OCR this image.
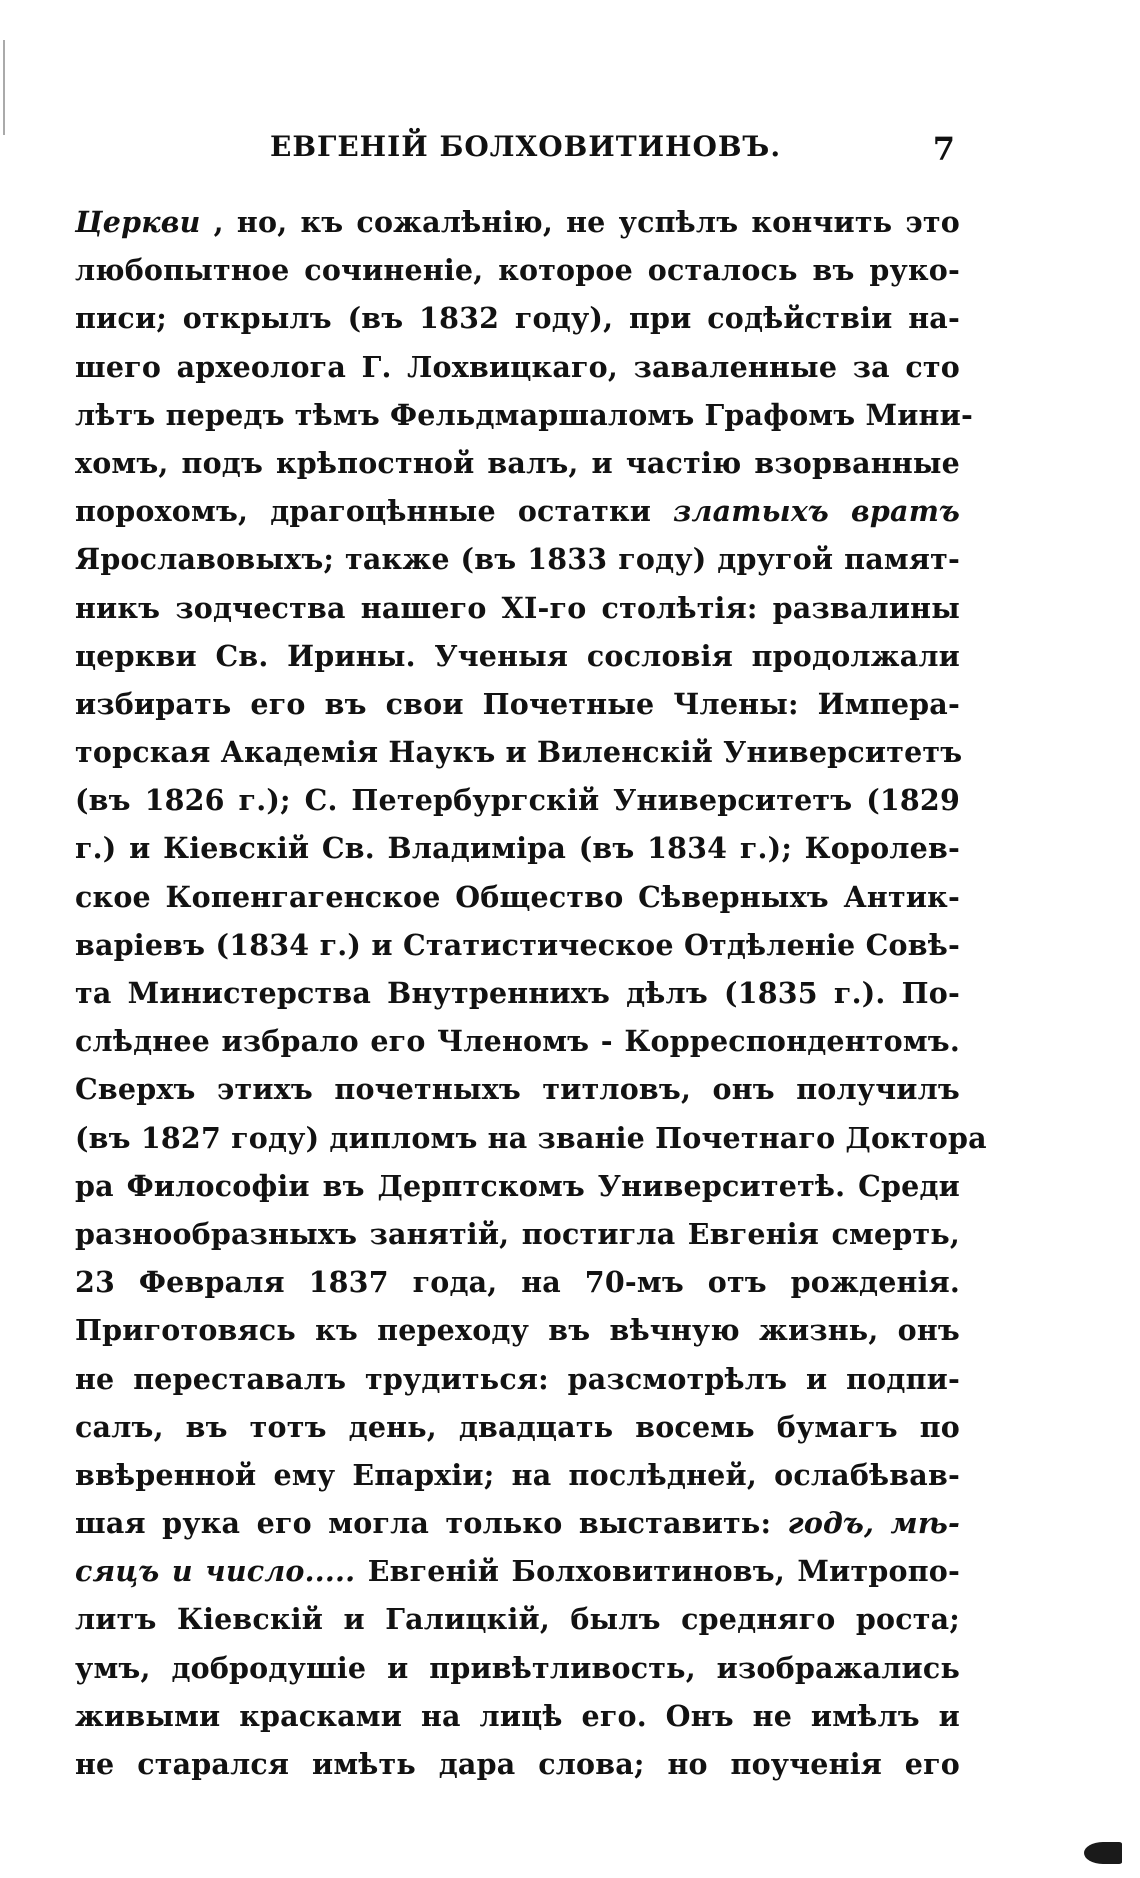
ЕВГЕНІЙ БОЛХОВИТИНОВЪ.	7
Церкви , но, къ сожалѣнію, не успѣлъ кончить это
любопытное сочиненіе, которое осталось въ руко-
писи; открылъ (въ 1832 году), при содѣйствіи на-
шего археолога Г. Лохвицкаго, заваленные за сто
лѣтъ передъ тѣмъ Фельдмаршаломъ Графомъ Мини-
хомъ, подъ крѣпостной валъ, и частію взорванные
порохомъ, драгоцѣнные остатки златыхъ вратъ
Ярославовыхъ; также (въ 1833 году) другой памят-
никъ зодчества нашего XI-го столѣтія: развалины
церкви Св. Ирины. Ученыя сословія продолжали
избирать его въ свои Почетные Члены: Импера-
торская Академія Наукъ и Виленскій Университетъ
(въ 1826 г.); С. Петербургскій Университетъ (1829
г.) и Кіевскій Св. Владиміра (въ 1834 г.); Королев-
ское Копенгагенское Общество Сѣверныхъ Антик-
варіевъ (1834 г.) и Статистическое Отдѣленіе Совѣ-
та Министерства Внутреннихъ дѣлъ (1835 г.). По-
слѣднее избрало его Членомъ - Корреспондентомъ.
Сверхъ этихъ почетныхъ титловъ, онъ получилъ
(въ 1827 году) дипломъ на званіе Почетнаго Доктора
ра Философіи въ Дерптскомъ Университетѣ. Среди
разнообразныхъ занятій, постигла Евгенія смерть,
23 Февраля 1837 года, на 70-мъ отъ рожденія.
Приготовясь къ переходу въ вѣчную жизнь, онъ
не переставалъ трудиться: разсмотрѣлъ и подпи-
салъ, въ тотъ день, двадцать восемь бумагъ по
ввѣренной ему Епархіи; на послѣдней, ослабѣвав-
шая рука его могла только выставить: годъ, мѣ-
сяцъ и число..... Евгеній Болховитиновъ, Митропо-
литъ Кіевскій и Галицкій, былъ средняго роста;
умъ, добродушіе и привѣтливость, изображались
живыми красками на лицѣ его. Онъ не имѣлъ и
не старался имѣть дара слова; но поученія его
